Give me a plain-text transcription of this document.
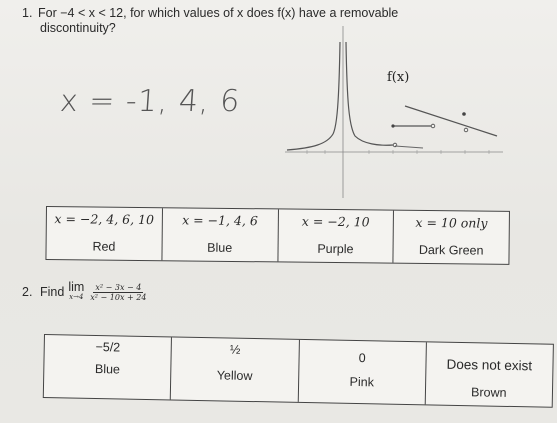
1. For −4 < x < 12, for which values of x does f(x) have a removable
discontinuity?
x = -1, 4, 6
f(x)
x = −2, 4, 6, 10
Red
x = −1, 4, 6
Blue
x = −2, 10
Purple
x = 10 only
Dark Green
2. Find lim
$x\to 4 \frac{\text{x² − 3x − 4}}{\text{x² − 10x + 24}}$
−5/2
Blue
½
Yellow
0
Pink
Does not exist
Brown
